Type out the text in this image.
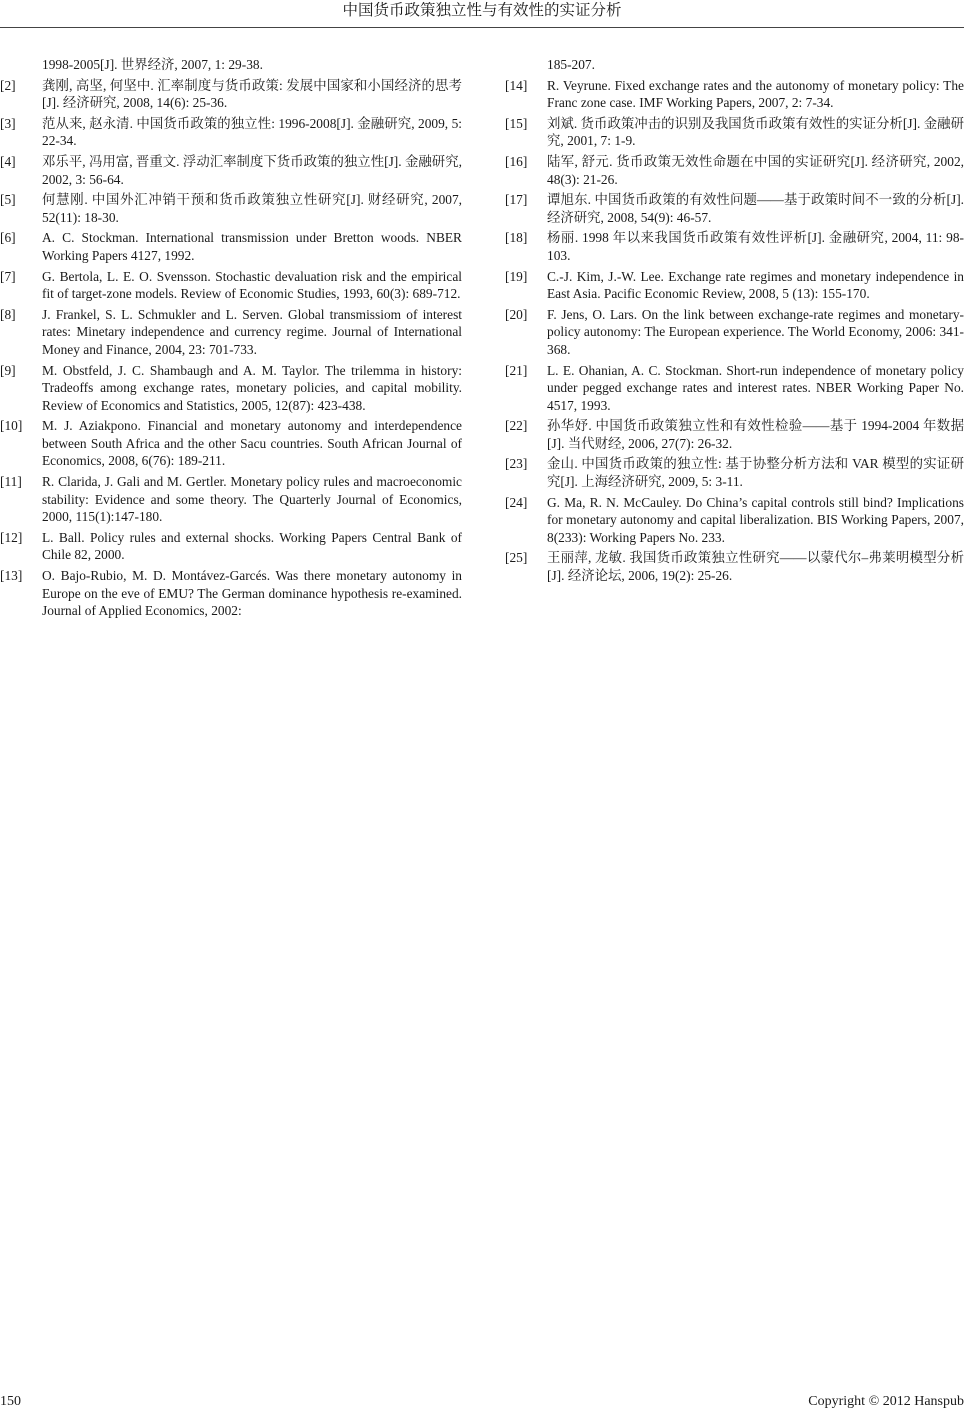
中国货币政策独立性与有效性的实证分析
1998-2005[J]. 世界经济, 2007, 1: 29-38.
[2] 龚刚, 高坚, 何坚中. 汇率制度与货币政策: 发展中国家和小国经济的思考[J]. 经济研究, 2008, 14(6): 25-36.
[3] 范从来, 赵永清. 中国货币政策的独立性: 1996-2008[J]. 金融研究, 2009, 5: 22-34.
[4] 邓乐平, 冯用富, 晋重文. 浮动汇率制度下货币政策的独立性[J]. 金融研究, 2002, 3: 56-64.
[5] 何慧刚. 中国外汇冲销干预和货币政策独立性研究[J]. 财经研究, 2007, 52(11): 18-30.
[6] A. C. Stockman. International transmission under Bretton woods. NBER Working Papers 4127, 1992.
[7] G. Bertola, L. E. O. Svensson. Stochastic devaluation risk and the empirical fit of target-zone models. Review of Economic Studies, 1993, 60(3): 689-712.
[8] J. Frankel, S. L. Schmukler and L. Serven. Global transmissiom of interest rates: Minetary independence and currency regime. Journal of International Money and Finance, 2004, 23: 701-733.
[9] M. Obstfeld, J. C. Shambaugh and A. M. Taylor. The trilemma in history: Tradeoffs among exchange rates, monetary policies, and capital mobility. Review of Economics and Statistics, 2005, 12(87): 423-438.
[10] M. J. Aziakpono. Financial and monetary autonomy and interdependence between South Africa and the other Sacu countries. South African Journal of Economics, 2008, 6(76): 189-211.
[11] R. Clarida, J. Gali and M. Gertler. Monetary policy rules and macroeconomic stability: Evidence and some theory. The Quarterly Journal of Economics, 2000, 115(1):147-180.
[12] L. Ball. Policy rules and external shocks. Working Papers Central Bank of Chile 82, 2000.
[13] O. Bajo-Rubio, M. D. Montávez-Garcés. Was there monetary autonomy in Europe on the eve of EMU? The German dominance hypothesis re-examined. Journal of Applied Economics, 2002:
185-207.
[14] R. Veyrune. Fixed exchange rates and the autonomy of monetary policy: The Franc zone case. IMF Working Papers, 2007, 2: 7-34.
[15] 刘斌. 货币政策冲击的识别及我国货币政策有效性的实证分析[J]. 金融研究, 2001, 7: 1-9.
[16] 陆军, 舒元. 货币政策无效性命题在中国的实证研究[J]. 经济研究, 2002, 48(3): 21-26.
[17] 谭旭东. 中国货币政策的有效性问题——基于政策时间不一致的分析[J]. 经济研究, 2008, 54(9): 46-57.
[18] 杨丽. 1998 年以来我国货币政策有效性评析[J]. 金融研究, 2004, 11: 98-103.
[19] C.-J. Kim, J.-W. Lee. Exchange rate regimes and monetary independence in East Asia. Pacific Economic Review, 2008, 5 (13): 155-170.
[20] F. Jens, O. Lars. On the link between exchange-rate regimes and monetary-policy autonomy: The European experience. The World Economy, 2006: 341-368.
[21] L. E. Ohanian, A. C. Stockman. Short-run independence of monetary policy under pegged exchange rates and interest rates. NBER Working Paper No. 4517, 1993.
[22] 孙华妤. 中国货币政策独立性和有效性检验——基于 1994-2004 年数据[J]. 当代财经, 2006, 27(7): 26-32.
[23] 金山. 中国货币政策的独立性: 基于协整分析方法和 VAR 模型的实证研究[J]. 上海经济研究, 2009, 5: 3-11.
[24] G. Ma, R. N. McCauley. Do China’s capital controls still bind? Implications for monetary autonomy and capital liberalization. BIS Working Papers, 2007, 8(233): Working Papers No. 233.
[25] 王丽萍, 龙敏. 我国货币政策独立性研究——以蒙代尔–弗莱明模型分析[J]. 经济论坛, 2006, 19(2): 25-26.
150	Copyright © 2012 Hanspub
